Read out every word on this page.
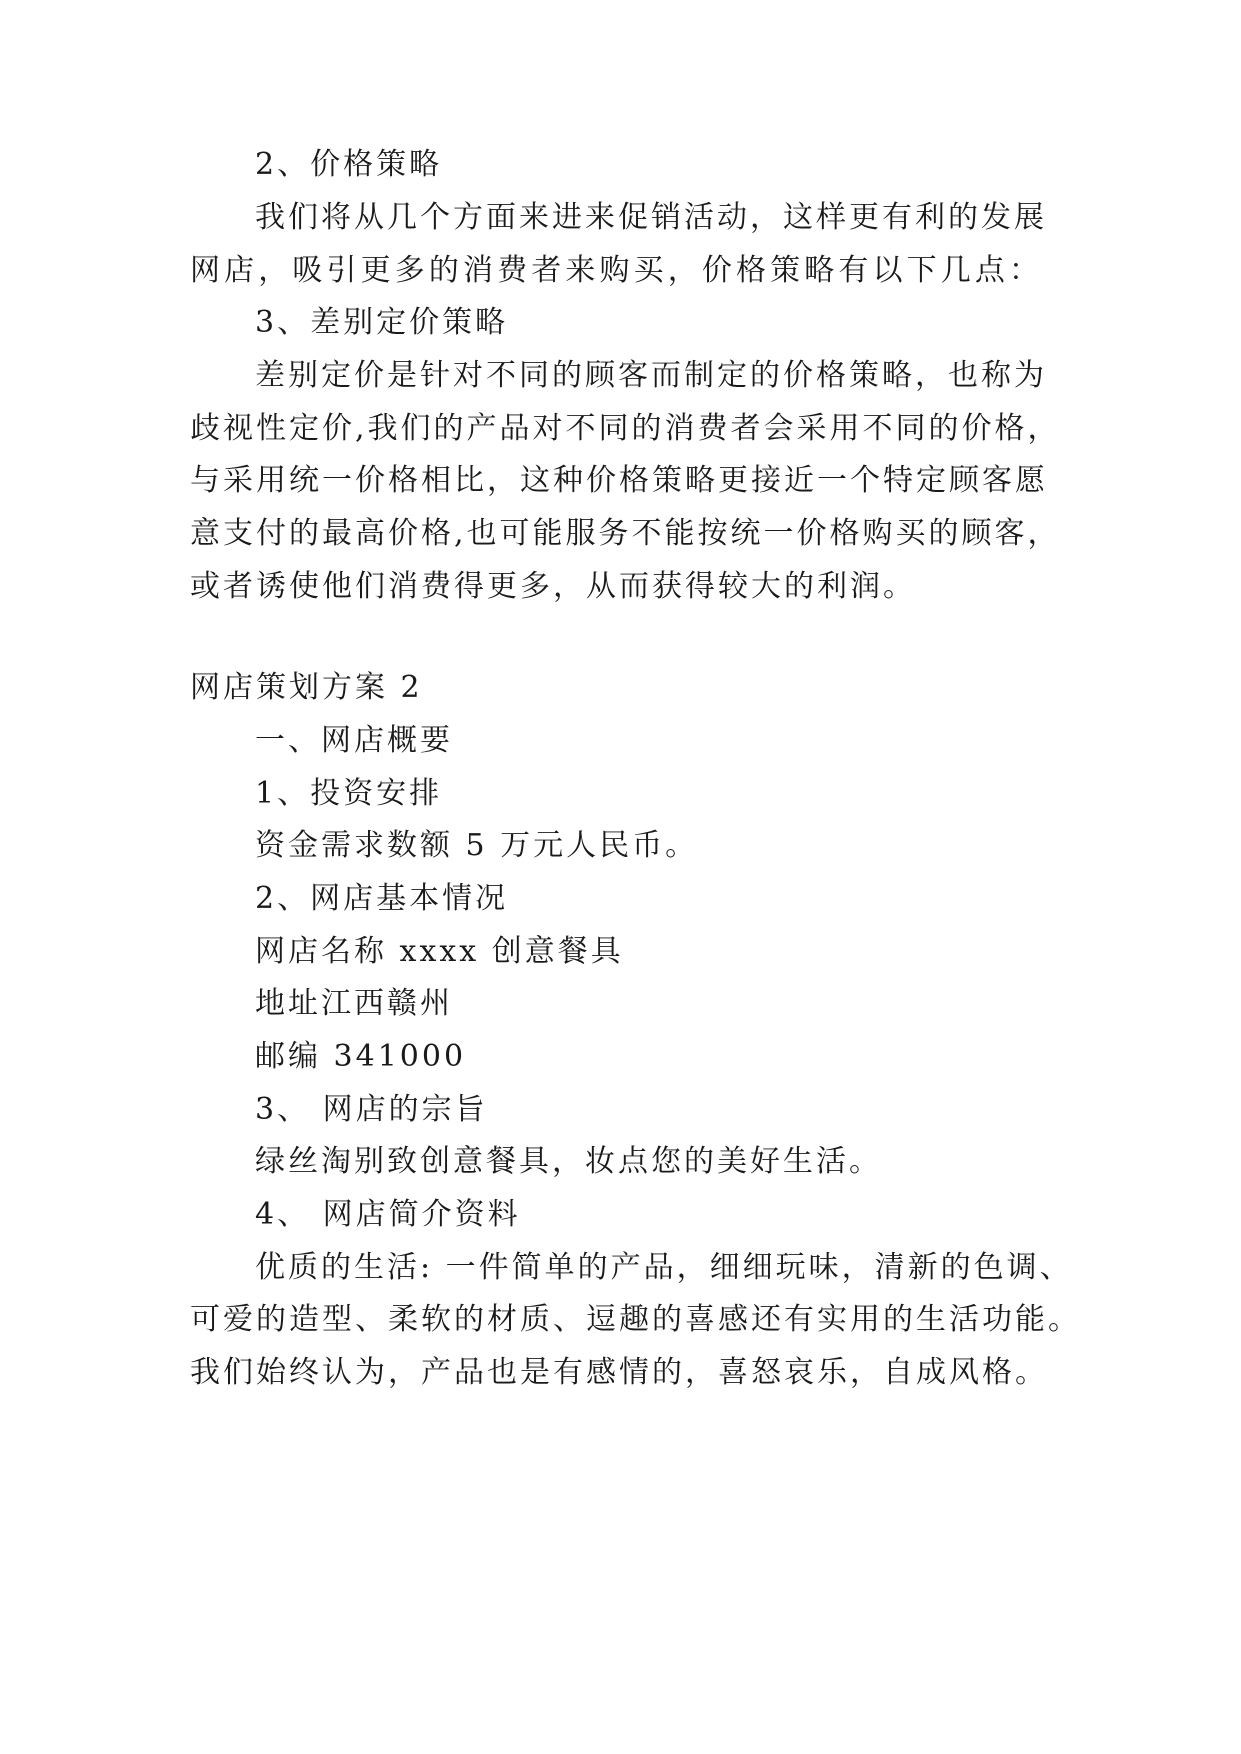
2、价格策略
我们将从几个方面来进来促销活动，这样更有利的发展
网店，吸引更多的消费者来购买，价格策略有以下几点：
3、差别定价策略
差别定价是针对不同的顾客而制定的价格策略，也称为
歧视性定价,我们的产品对不同的消费者会采用不同的价格，
与采用统一价格相比，这种价格策略更接近一个特定顾客愿
意支付的最高价格,也可能服务不能按统一价格购买的顾客，
或者诱使他们消费得更多，从而获得较大的利润。
网店策划方案 2
一、网店概要
1、投资安排
资金需求数额 5 万元人民币。
2、网店基本情况
网店名称 xxxx 创意餐具
地址江西赣州
邮编 341000
3、 网店的宗旨
绿丝淘别致创意餐具，妆点您的美好生活。
4、 网店简介资料
优质的生活: 一件简单的产品，细细玩味，清新的色调、
可爱的造型、柔软的材质、逗趣的喜感还有实用的生活功能。
我们始终认为，产品也是有感情的，喜怒哀乐，自成风格。
